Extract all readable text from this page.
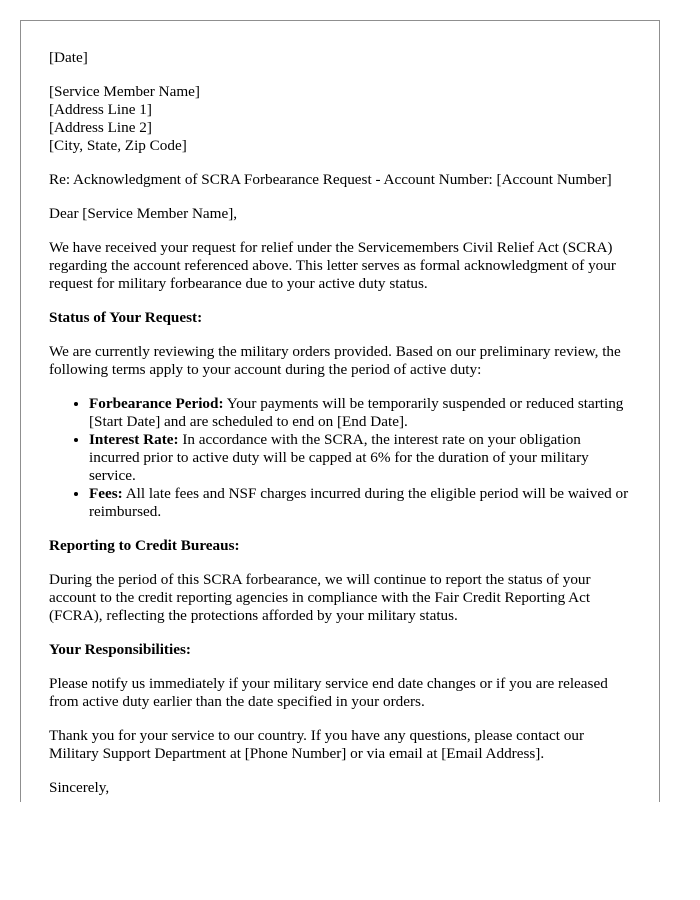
[Date]

[Service Member Name]
[Address Line 1]
[Address Line 2]
[City, State, Zip Code]

Re: Acknowledgment of SCRA Forbearance Request - Account Number: [Account Number]

Dear [Service Member Name],

We have received your request for relief under the Servicemembers Civil Relief Act (SCRA) regarding the account referenced above. This letter serves as formal acknowledgment of your request for military forbearance due to your active duty status.

Status of Your Request:

We are currently reviewing the military orders provided. Based on our preliminary review, the following terms apply to your account during the period of active duty:

• Forbearance Period: Your payments will be temporarily suspended or reduced starting [Start Date] and are scheduled to end on [End Date].
• Interest Rate: In accordance with the SCRA, the interest rate on your obligation incurred prior to active duty will be capped at 6% for the duration of your military service.
• Fees: All late fees and NSF charges incurred during the eligible period will be waived or reimbursed.

Reporting to Credit Bureaus:

During the period of this SCRA forbearance, we will continue to report the status of your account to the credit reporting agencies in compliance with the Fair Credit Reporting Act (FCRA), reflecting the protections afforded by your military status.

Your Responsibilities:

Please notify us immediately if your military service end date changes or if you are released from active duty earlier than the date specified in your orders.

Thank you for your service to our country. If you have any questions, please contact our Military Support Department at [Phone Number] or via email at [Email Address].

Sincerely,
